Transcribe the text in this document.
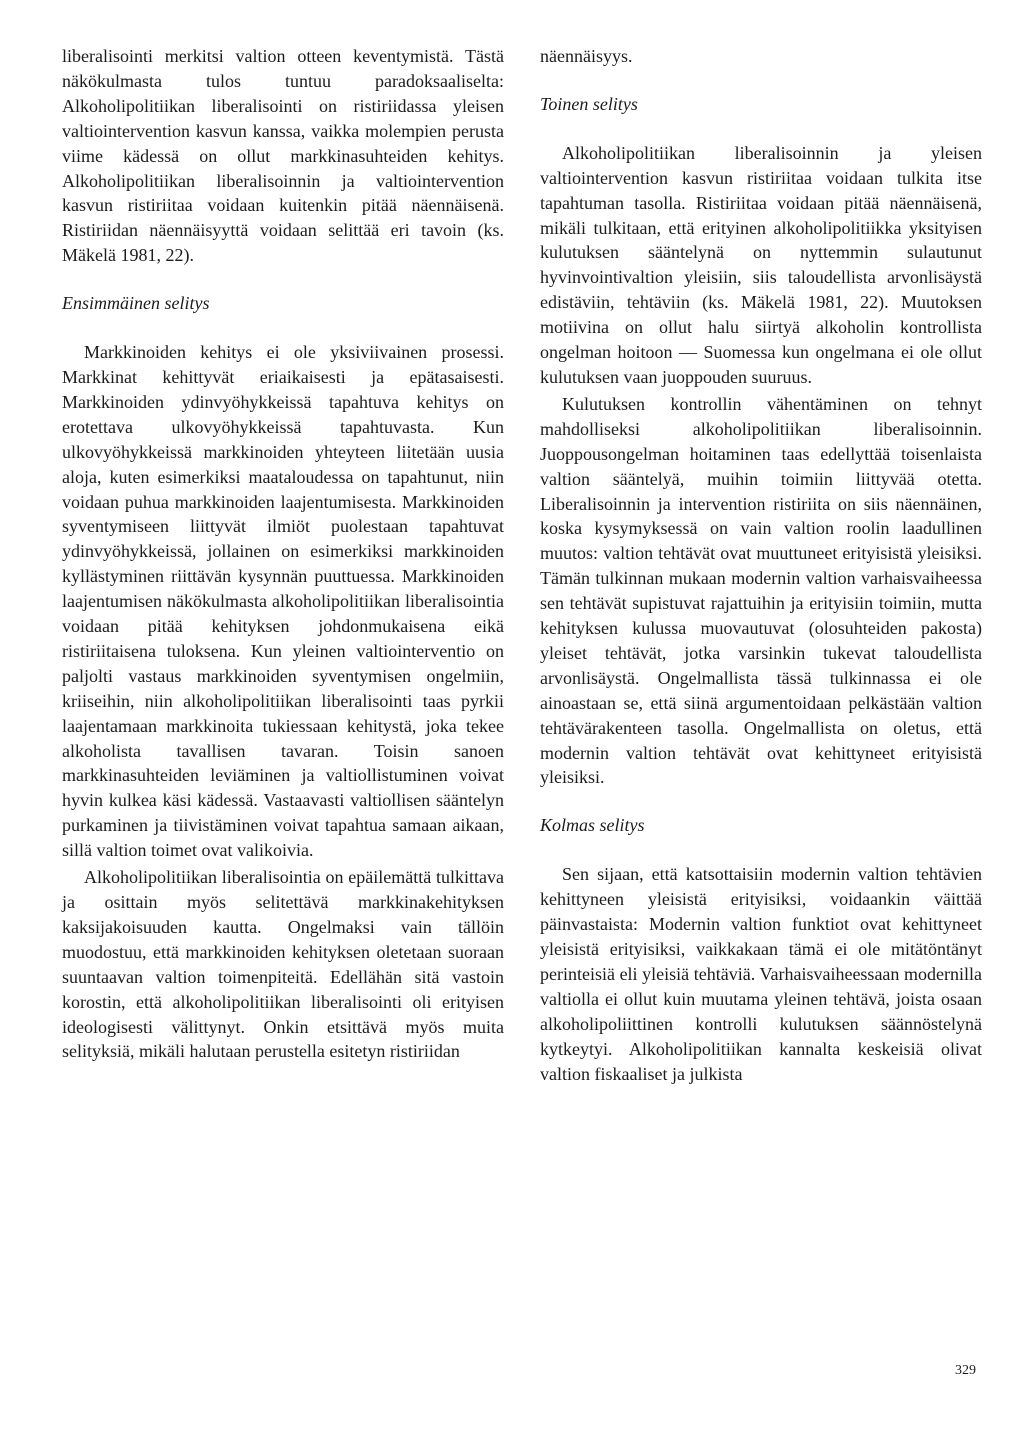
liberalisointi merkitsi valtion otteen keventymistä. Tästä näkökulmasta tulos tuntuu paradoksaaliselta: Alkoholipolitiikan liberalisointi on ristiriidassa yleisen valtiointervention kasvun kanssa, vaikka molempien perusta viime kädessä on ollut markkinasuhteiden kehitys. Alkoholipolitiikan liberalisoinnin ja valtiointervention kasvun ristiriitaa voidaan kuitenkin pitää näennäisenä. Ristiriidan näennäisyyttä voidaan selittää eri tavoin (ks. Mäkelä 1981, 22).

Ensimmäinen selitys

Markkinoiden kehitys ei ole yksiviivainen prosessi. Markkinat kehittyvät eriaikaisesti ja epätasaisesti. Markkinoiden ydinvyöhykkeissä tapahtuva kehitys on erotettava ulkovyöhykkeissä tapahtuvasta. Kun ulkovyöhykkeissä markkinoiden yhteyteen liitetään uusia aloja, kuten esimerkiksi maataloudessa on tapahtunut, niin voidaan puhua markkinoiden laajentumisesta. Markkinoiden syventymiseen liittyvät ilmiöt puolestaan tapahtuvat ydinvyöhykkeissä, jollainen on esimerkiksi markkinoiden kyllästyminen riittävän kysynnän puuttuessa. Markkinoiden laajentumisen näkökulmasta alkoholipolitiikan liberalisointia voidaan pitää kehityksen johdonmukaisena eikä ristiriitaisena tuloksena. Kun yleinen valtiointerventio on paljolti vastaus markkinoiden syventymisen ongelmiin, kriiseihin, niin alkoholipolitiikan liberalisointi taas pyrkii laajentamaan markkinoita tukiessaan kehitystä, joka tekee alkoholista tavallisen tavaran. Toisin sanoen markkinasuhteiden leviäminen ja valtiollistuminen voivat hyvin kulkea käsi kädessä. Vastaavasti valtiollisen sääntelyn purkaminen ja tiivistäminen voivat tapahtua samaan aikaan, sillä valtion toimet ovat valikoivia.

Alkoholipolitiikan liberalisointia on epäilemättä tulkittava ja osittain myös selitettävä markkinakehityksen kaksijakoisuuden kautta. Ongelmaksi vain tällöin muodostuu, että markkinoiden kehityksen oletetaan suoraan suuntaavan valtion toimenpiteitä. Edellähän sitä vastoin korostin, että alkoholipolitiikan liberalisointi oli erityisen ideologisesti välittynyt. Onkin etsittävä myös muita selityksiä, mikäli halutaan perustella esitetyn ristiriidan

näennäisyys.

Toinen selitys

Alkoholipolitiikan liberalisoinnin ja yleisen valtiointervention kasvun ristiriitaa voidaan tulkita itse tapahtuman tasolla. Ristiriitaa voidaan pitää näennäisenä, mikäli tulkitaan, että erityinen alkoholipolitiikka yksityisen kulutuksen sääntelynä on nyttemmin sulautunut hyvinvointivaltion yleisiin, siis taloudellista arvonlisäystä edistäviin, tehtäviin (ks. Mäkelä 1981, 22). Muutoksen motiivina on ollut halu siirtyä alkoholin kontrollista ongelman hoitoon — Suomessa kun ongelmana ei ole ollut kulutuksen vaan juoppouden suuruus.

Kulutuksen kontrollin vähentäminen on tehnyt mahdolliseksi alkoholipolitiikan liberalisoinnin. Juoppousongelman hoitaminen taas edellyttää toisenlaista valtion sääntelyä, muihin toimiin liittyvää otetta. Liberalisoinnin ja intervention ristiriita on siis näennäinen, koska kysymyksessä on vain valtion roolin laadullinen muutos: valtion tehtävät ovat muuttuneet erityisistä yleisiksi. Tämän tulkinnan mukaan modernin valtion varhaisvaiheessa sen tehtävät supistuvat rajattuihin ja erityisiin toimiin, mutta kehityksen kulussa muovautuvat (olosuhteiden pakosta) yleiset tehtävät, jotka varsinkin tukevat taloudellista arvonlisäystä. Ongelmallista tässä tulkinnassa ei ole ainoastaan se, että siinä argumentoidaan pelkästään valtion tehtävärakenteen tasolla. Ongelmallista on oletus, että modernin valtion tehtävät ovat kehittyneet erityisistä yleisiksi.

Kolmas selitys

Sen sijaan, että katsottaisiin modernin valtion tehtävien kehittyneen yleisistä erityisiksi, voidaankin väittää päinvastaista: Modernin valtion funktiot ovat kehittyneet yleisistä erityisiksi, vaikkakaan tämä ei ole mitätöntänyt perinteisiä eli yleisiä tehtäviä. Varhaisvaiheessaan modernilla valtiolla ei ollut kuin muutama yleinen tehtävä, joista osaan alkoholipoliittinen kontrolli kulutuksen säännöstelynä kytkeytyi. Alkoholipolitiikan kannalta keskeisiä olivat valtion fiskaaliset ja julkista

329
